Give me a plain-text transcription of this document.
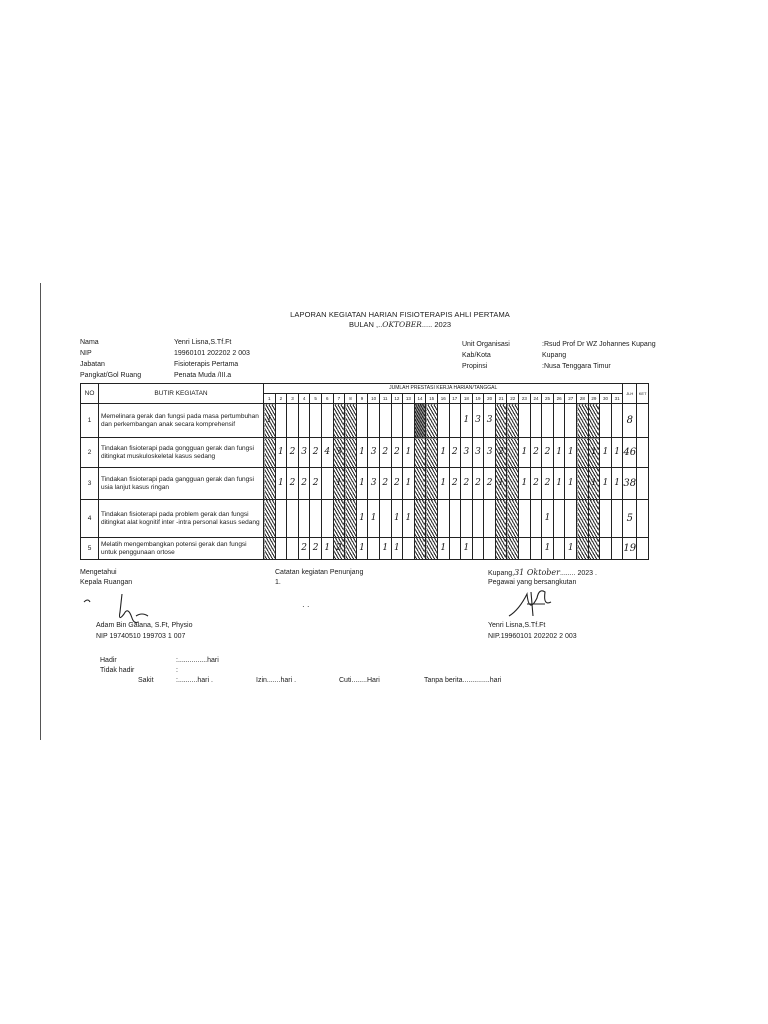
LAPORAN KEGIATAN HARIAN FISIOTERAPIS AHLI PERTAMA
BULAN ,..OKTOBER..... 2023
Nama	Yenri Lisna,S.Tf.Ft
NIP	19960101 202202 2 003
Jabatan	Fisioterapis Pertama
Pangkat/Gol Ruang	Penata Muda /III.a
Unit Organisasi	:Rsud Prof Dr WZ Johannes Kupang
Kab/Kota	Kupang
Propinsi	:Nusa Tenggara Timur
NO	BUTIR KEGIATAN	JUMLAH PRESTASI KERJA HARIAN/TANGGAL																															JLH	KET
		1	2	3	4	5	6	7	8	9	10	11	12	13	14	15	16	17	18	19	20	21	22	23	24	25	26	27	28	29	30	31		
1	Memelinara gerak dan fungsi pada masa pertumbuhan dan perkembangan anak secara komprehensif	1																	1	3	3												8	
2	Tindakan fisioterapi pada gongguan gerak dan fungsi ditingkat muskuloskeletal kasus sedang		1	2	3	2	4	3		1	3	2	2	1			1	2	3	3	3	2		1	2	2	1	1		1	1	1	46	
3	Tindakan fisioterapi pada gangguan gerak dan fungsi usia lanjut kasus ringan		1	2	2	2		1		1	3	2	2	1			1	2	2	2	2	1		1	2	2	1	1		1	1	1	38	
4	Tindakan fisioterapi pada problem gerak dan fungsi ditingkat alat kognitif inter -intra personal kasus sedang									1	1		1	1												1							5	
5	Melatih mengembangkan potensi gerak dan fungsi untuk penggunaan ortose				2	2	1	2		1		1	1				1		1							1		1					19	
Mengetahui
Kepala Ruangan
Adam Bin Galana, S.Ft, Physio
NIP 19740510 199703 1 007
Catatan kegiatan Penunjang
1.
· ·
Kupang,31 Oktober........ 2023 .
Pegawai yang bersangkutan
Yenri Lisna,S.Tf.Ft
NIP.19960101 202202 2 003
Hadir	:...............hari
Tidak hadir	:
Sakit	:..........hari .	Izin.......hari .	Cuti........Hari	Tanpa berita..............hari
